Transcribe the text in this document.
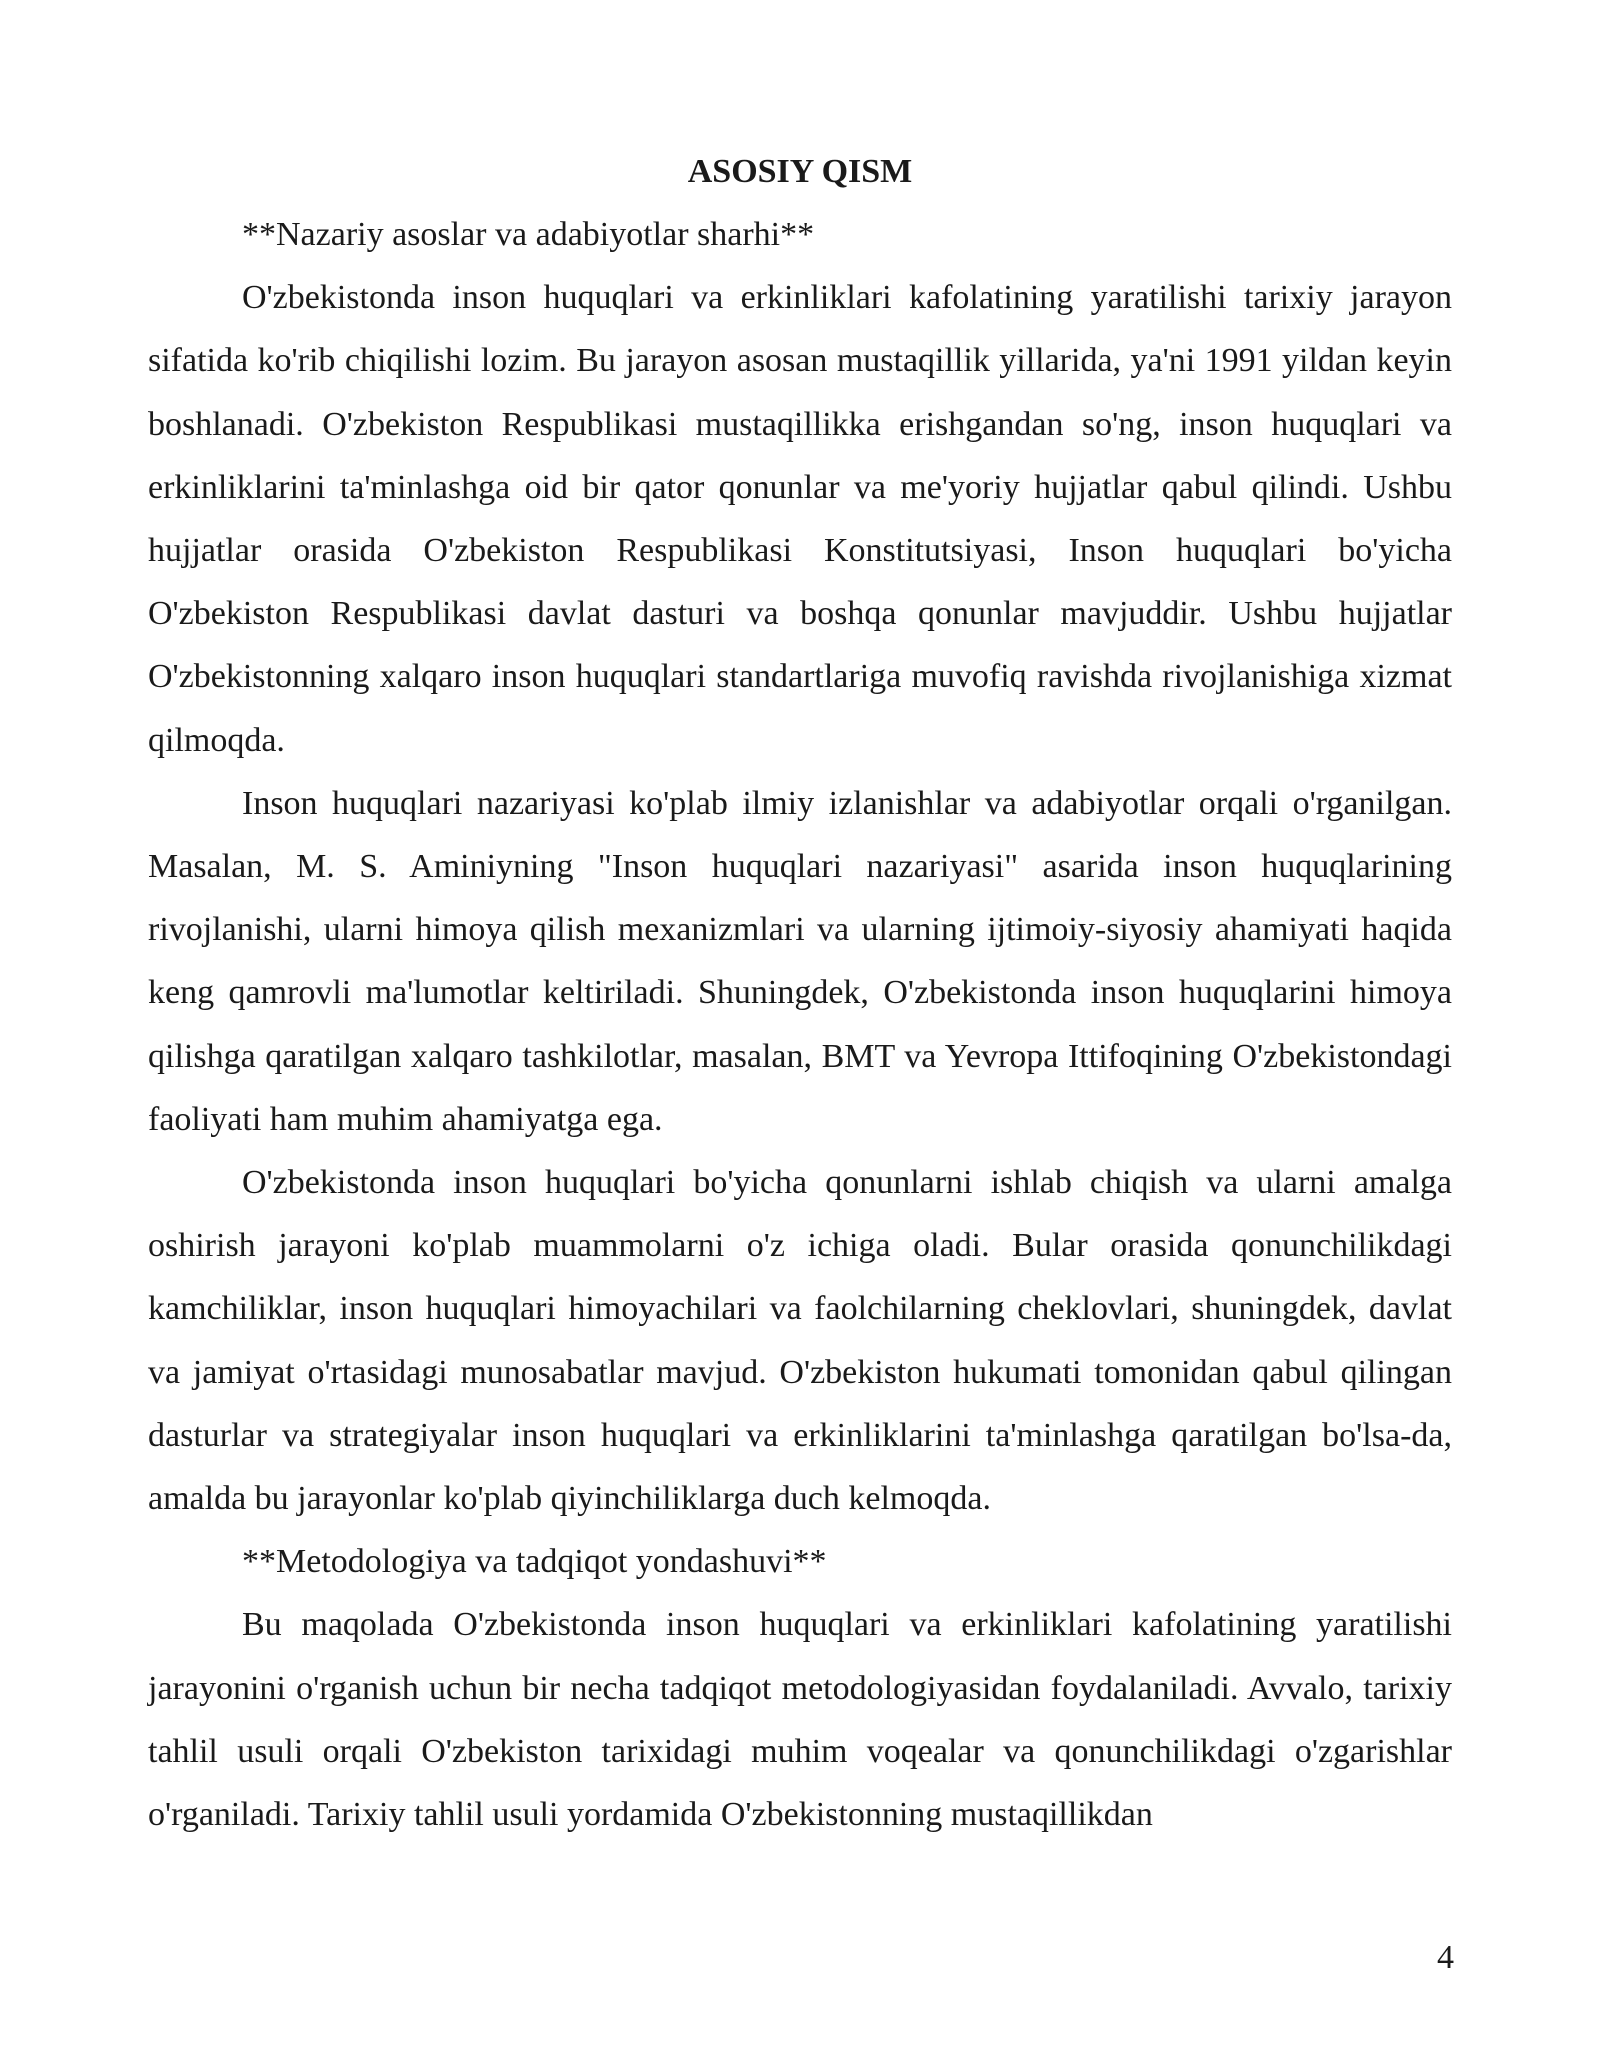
ASOSIY QISM

**Nazariy asoslar va adabiyotlar sharhi**

O'zbekistonda inson huquqlari va erkinliklari kafolatining yaratilishi tarixiy jarayon sifatida ko'rib chiqilishi lozim. Bu jarayon asosan mustaqillik yillarida, ya'ni 1991 yildan keyin boshlanadi. O'zbekiston Respublikasi mustaqillikka erishgandan so'ng, inson huquqlari va erkinliklarini ta'minlashga oid bir qator qonunlar va me'yoriy hujjatlar qabul qilindi. Ushbu hujjatlar orasida O'zbekiston Respublikasi Konstitutsiyasi, Inson huquqlari bo'yicha O'zbekiston Respublikasi davlat dasturi va boshqa qonunlar mavjuddir. Ushbu hujjatlar O'zbekistonning xalqaro inson huquqlari standartlariga muvofiq ravishda rivojlanishiga xizmat qilmoqda.

Inson huquqlari nazariyasi ko'plab ilmiy izlanishlar va adabiyotlar orqali o'rganilgan. Masalan, M. S. Aminiyning "Inson huquqlari nazariyasi" asarida inson huquqlarining rivojlanishi, ularni himoya qilish mexanizmlari va ularning ijtimoiy-siyosiy ahamiyati haqida keng qamrovli ma'lumotlar keltiriladi. Shuningdek, O'zbekistonda inson huquqlarini himoya qilishga qaratilgan xalqaro tashkilotlar, masalan, BMT va Yevropa Ittifoqining O'zbekistondagi faoliyati ham muhim ahamiyatga ega.

O'zbekistonda inson huquqlari bo'yicha qonunlarni ishlab chiqish va ularni amalga oshirish jarayoni ko'plab muammolarni o'z ichiga oladi. Bular orasida qonunchilikdagi kamchiliklar, inson huquqlari himoyachilari va faolchilarning cheklovlari, shuningdek, davlat va jamiyat o'rtasidagi munosabatlar mavjud. O'zbekiston hukumati tomonidan qabul qilingan dasturlar va strategiyalar inson huquqlari va erkinliklarini ta'minlashga qaratilgan bo'lsa-da, amalda bu jarayonlar ko'plab qiyinchiliklarga duch kelmoqda.

**Metodologiya va tadqiqot yondashuvi**

Bu maqolada O'zbekistonda inson huquqlari va erkinliklari kafolatining yaratilishi jarayonini o'rganish uchun bir necha tadqiqot metodologiyasidan foydalaniladi. Avvalo, tarixiy tahlil usuli orqali O'zbekiston tarixidagi muhim voqealar va qonunchilikdagi o'zgarishlar o'rganiladi. Tarixiy tahlil usuli yordamida O'zbekistonning mustaqillikdan

4
